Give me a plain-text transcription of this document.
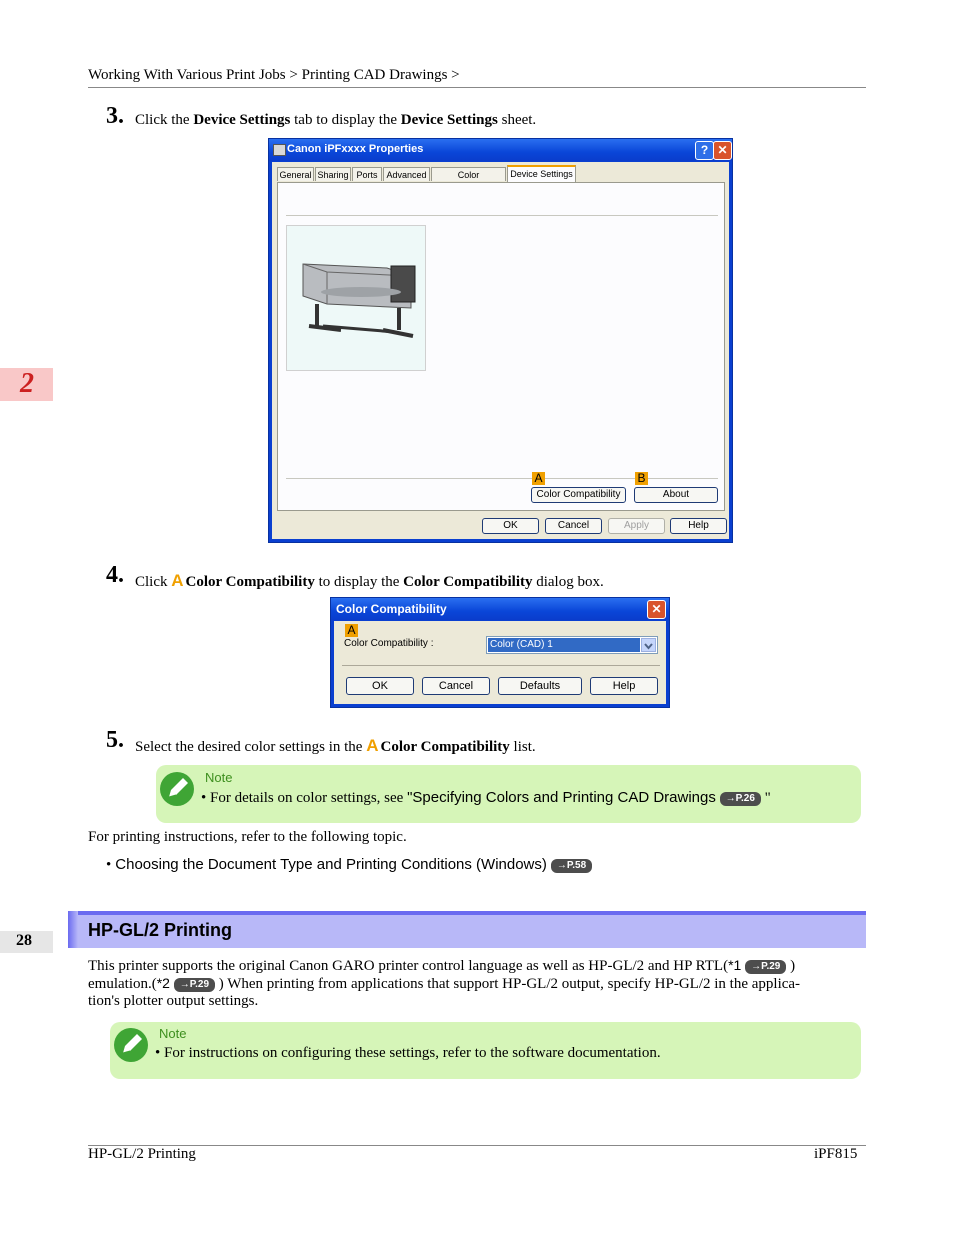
Working With Various Print Jobs > Printing CAD Drawings >
2
28
3. Click the Device Settings tab to display the Device Settings sheet.
Canon iPFxxxx Properties	? ✕
General Sharing Ports Advanced	Color	Device Settings
A	B
Color Compatibility	About
OK	Cancel	Apply	Help
4. Click A Color Compatibility to display the Color Compatibility dialog box.
Color Compatibility	✕
A
Color Compatibility :	Color (CAD) 1
OK	Cancel	Defaults	Help
5. Select the desired color settings in the A Color Compatibility list.
Note
• For details on color settings, see "Specifying Colors and Printing CAD Drawings →P.26 "
For printing instructions, refer to the following topic.
• Choosing the Document Type and Printing Conditions (Windows) →P.58
HP-GL/2 Printing
This printer supports the original Canon GARO printer control language as well as HP-GL/2 and HP RTL(*1 →P.29 )
emulation.(*2 →P.29 ) When printing from applications that support HP-GL/2 output, specify HP-GL/2 in the applica-
tion's plotter output settings.
Note
• For instructions on configuring these settings, refer to the software documentation.
HP-GL/2 Printing	iPF815
